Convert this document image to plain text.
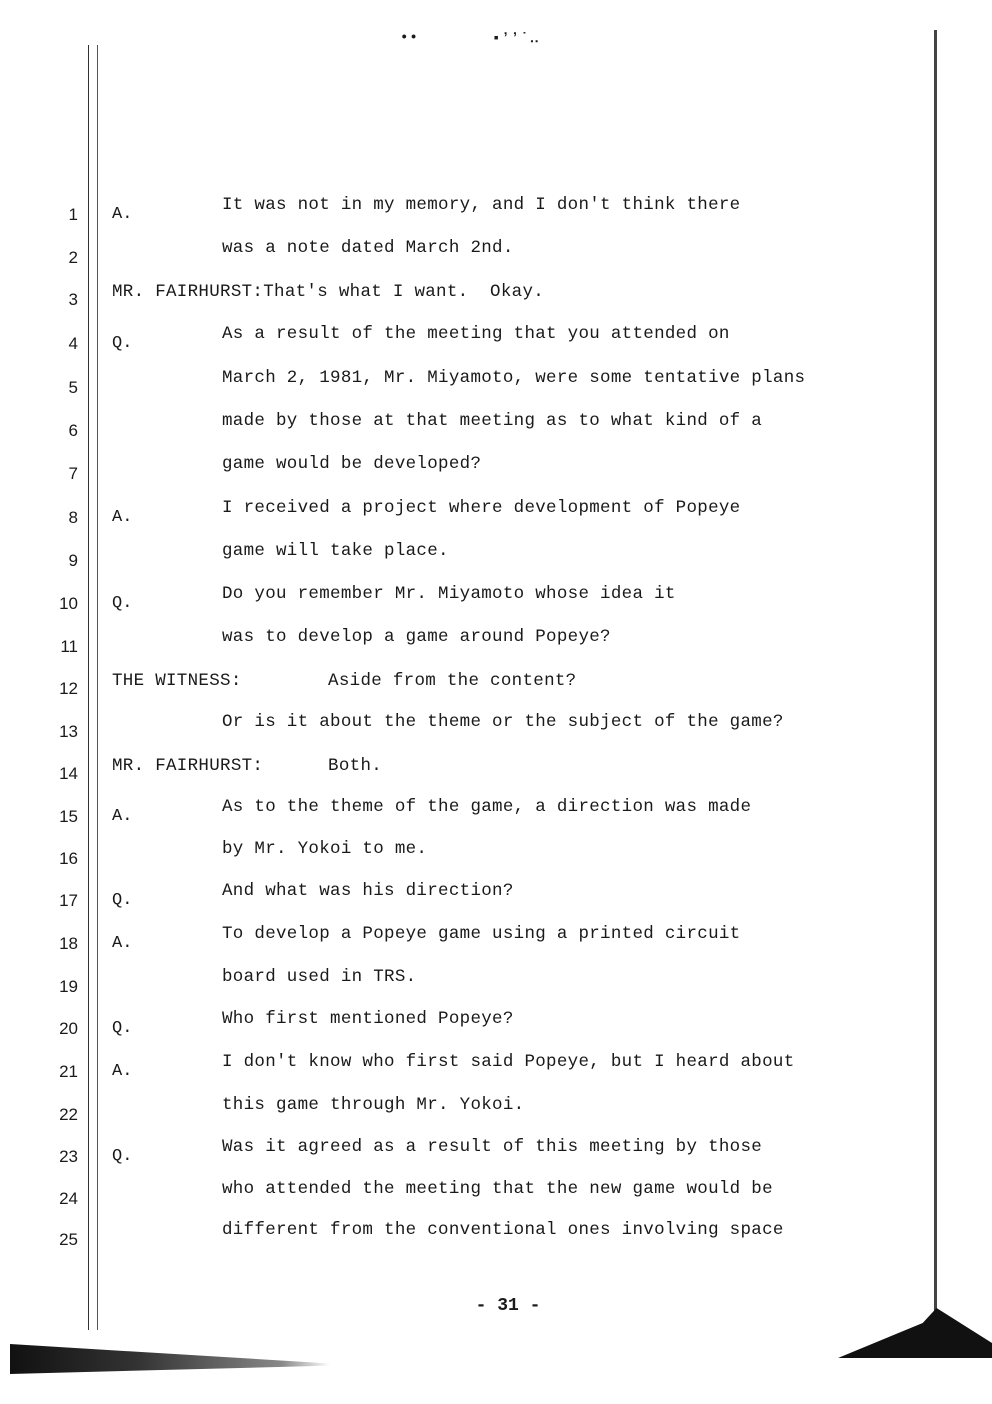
••	▪ʼʼ˙‥
1 A.	It was not in my memory, and I don't think there
2	was a note dated March 2nd.
3 MR. FAIRHURST:That's what I want.  Okay.
4 Q.	As a result of the meeting that you attended on
5	March 2, 1981, Mr. Miyamoto, were some tentative plans
6	made by those at that meeting as to what kind of a
7	game would be developed?
8 A.	I received a project where development of Popeye
9	game will take place.
10 Q.	Do you remember Mr. Miyamoto whose idea it
11	was to develop a game around Popeye?
12 THE WITNESS:        Aside from the content?
13	Or is it about the theme or the subject of the game?
14 MR. FAIRHURST:      Both.
15 A.	As to the theme of the game, a direction was made
16	by Mr. Yokoi to me.
17 Q.	And what was his direction?
18 A.	To develop a Popeye game using a printed circuit
19	board used in TRS.
20 Q.	Who first mentioned Popeye?
21 A.	I don't know who first said Popeye, but I heard about
22	this game through Mr. Yokoi.
23 Q.	Was it agreed as a result of this meeting by those
24	who attended the meeting that the new game would be
25	different from the conventional ones involving space
- 31 -
